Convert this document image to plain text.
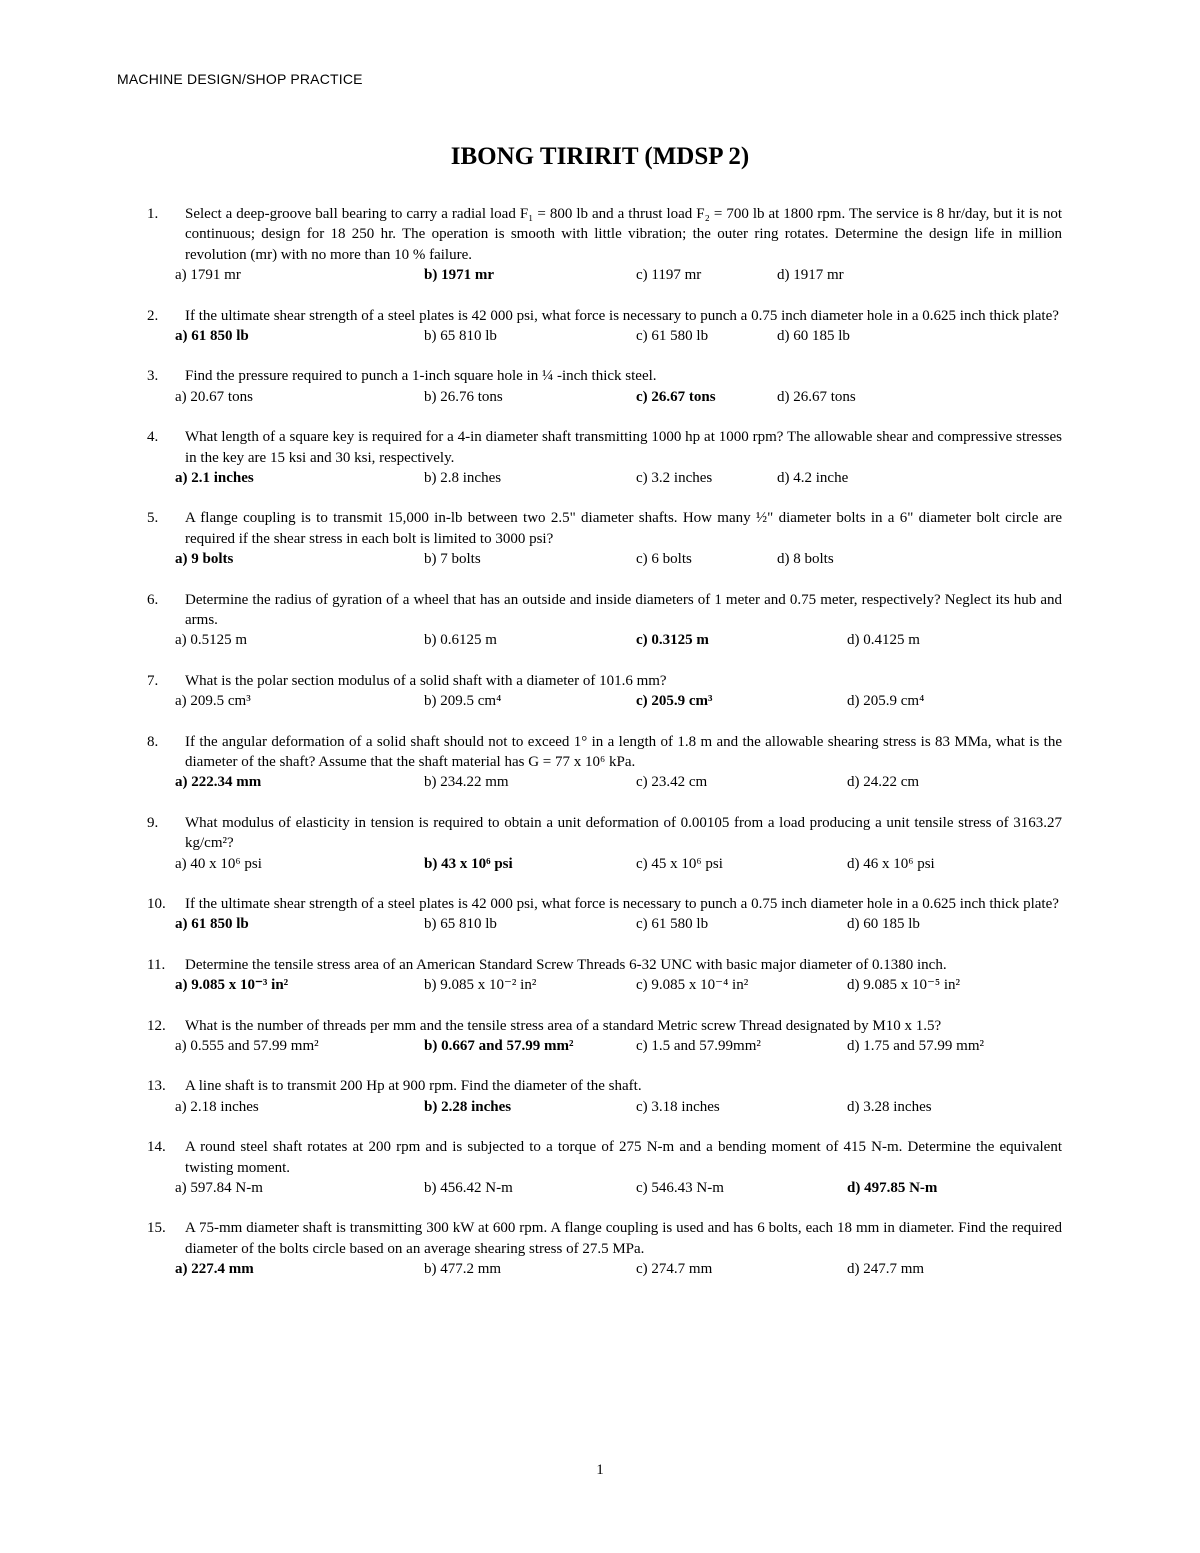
MACHINE DESIGN/SHOP PRACTICE
IBONG TIRIRIT (MDSP 2)
1. Select a deep-groove ball bearing to carry a radial load F₁ = 800 lb and a thrust load F₂ = 700 lb at 1800 rpm. The service is 8 hr/day, but it is not continuous; design for 18 250 hr. The operation is smooth with little vibration; the outer ring rotates. Determine the design life in million revolution (mr) with no more than 10 % failure.
a) 1791 mr	b) 1971 mr	c) 1197 mr	d) 1917 mr
2. If the ultimate shear strength of a steel plates is 42 000 psi, what force is necessary to punch a 0.75 inch diameter hole in a 0.625 inch thick plate?
a) 61 850 lb	b) 65 810 lb	c) 61 580 lb	d) 60 185 lb
3. Find the pressure required to punch a 1-inch square hole in ¼ -inch thick steel.
a) 20.67 tons	b) 26.76 tons	c) 26.67 tons	d) 26.67 tons
4. What length of a square key is required for a 4-in diameter shaft transmitting 1000 hp at 1000 rpm? The allowable shear and compressive stresses in the key are 15 ksi and 30 ksi, respectively.
a) 2.1 inches	b) 2.8 inches	c) 3.2 inches	d) 4.2 inche
5. A flange coupling is to transmit 15,000 in-lb between two 2.5" diameter shafts. How many ½" diameter bolts in a 6" diameter bolt circle are required if the shear stress in each bolt is limited to 3000 psi?
a) 9 bolts	b) 7 bolts	c) 6 bolts	d) 8 bolts
6. Determine the radius of gyration of a wheel that has an outside and inside diameters of 1 meter and 0.75 meter, respectively? Neglect its hub and arms.
a) 0.5125 m	b) 0.6125 m	c) 0.3125 m	d) 0.4125 m
7. What is the polar section modulus of a solid shaft with a diameter of 101.6 mm?
a) 209.5 cm³	b) 209.5 cm⁴	c) 205.9 cm³	d) 205.9 cm⁴
8. If the angular deformation of a solid shaft should not to exceed 1° in a length of 1.8 m and the allowable shearing stress is 83 MMa, what is the diameter of the shaft? Assume that the shaft material has G = 77 x 10⁶ kPa.
a) 222.34 mm	b) 234.22 mm	c) 23.42 cm	d) 24.22 cm
9. What modulus of elasticity in tension is required to obtain a unit deformation of 0.00105 from a load producing a unit tensile stress of 3163.27 kg/cm²?
a) 40 x 10⁶ psi	b) 43 x 10⁶ psi	c) 45 x 10⁶ psi	d) 46 x 10⁶ psi
10. If the ultimate shear strength of a steel plates is 42 000 psi, what force is necessary to punch a 0.75 inch diameter hole in a 0.625 inch thick plate?
a) 61 850 lb	b) 65 810 lb	c) 61 580 lb	d) 60 185 lb
11. Determine the tensile stress area of an American Standard Screw Threads 6-32 UNC with basic major diameter of 0.1380 inch.
a) 9.085 x 10⁻³ in²	b) 9.085 x 10⁻² in²	c) 9.085 x 10⁻⁴ in²	d) 9.085 x 10⁻⁵ in²
12. What is the number of threads per mm and the tensile stress area of a standard Metric screw Thread designated by M10 x 1.5?
a) 0.555 and 57.99 mm²	b) 0.667 and 57.99 mm²	c) 1.5 and 57.99mm²	d) 1.75 and 57.99 mm²
13. A line shaft is to transmit 200 Hp at 900 rpm. Find the diameter of the shaft.
a) 2.18 inches	b) 2.28 inches	c) 3.18 inches	d) 3.28 inches
14. A round steel shaft rotates at 200 rpm and is subjected to a torque of 275 N-m and a bending moment of 415 N-m. Determine the equivalent twisting moment.
a) 597.84 N-m	b) 456.42 N-m	c) 546.43 N-m	d) 497.85 N-m
15. A 75-mm diameter shaft is transmitting 300 kW at 600 rpm. A flange coupling is used and has 6 bolts, each 18 mm in diameter. Find the required diameter of the bolts circle based on an average shearing stress of 27.5 MPa.
a) 227.4 mm	b) 477.2 mm	c) 274.7 mm	d) 247.7 mm
1
